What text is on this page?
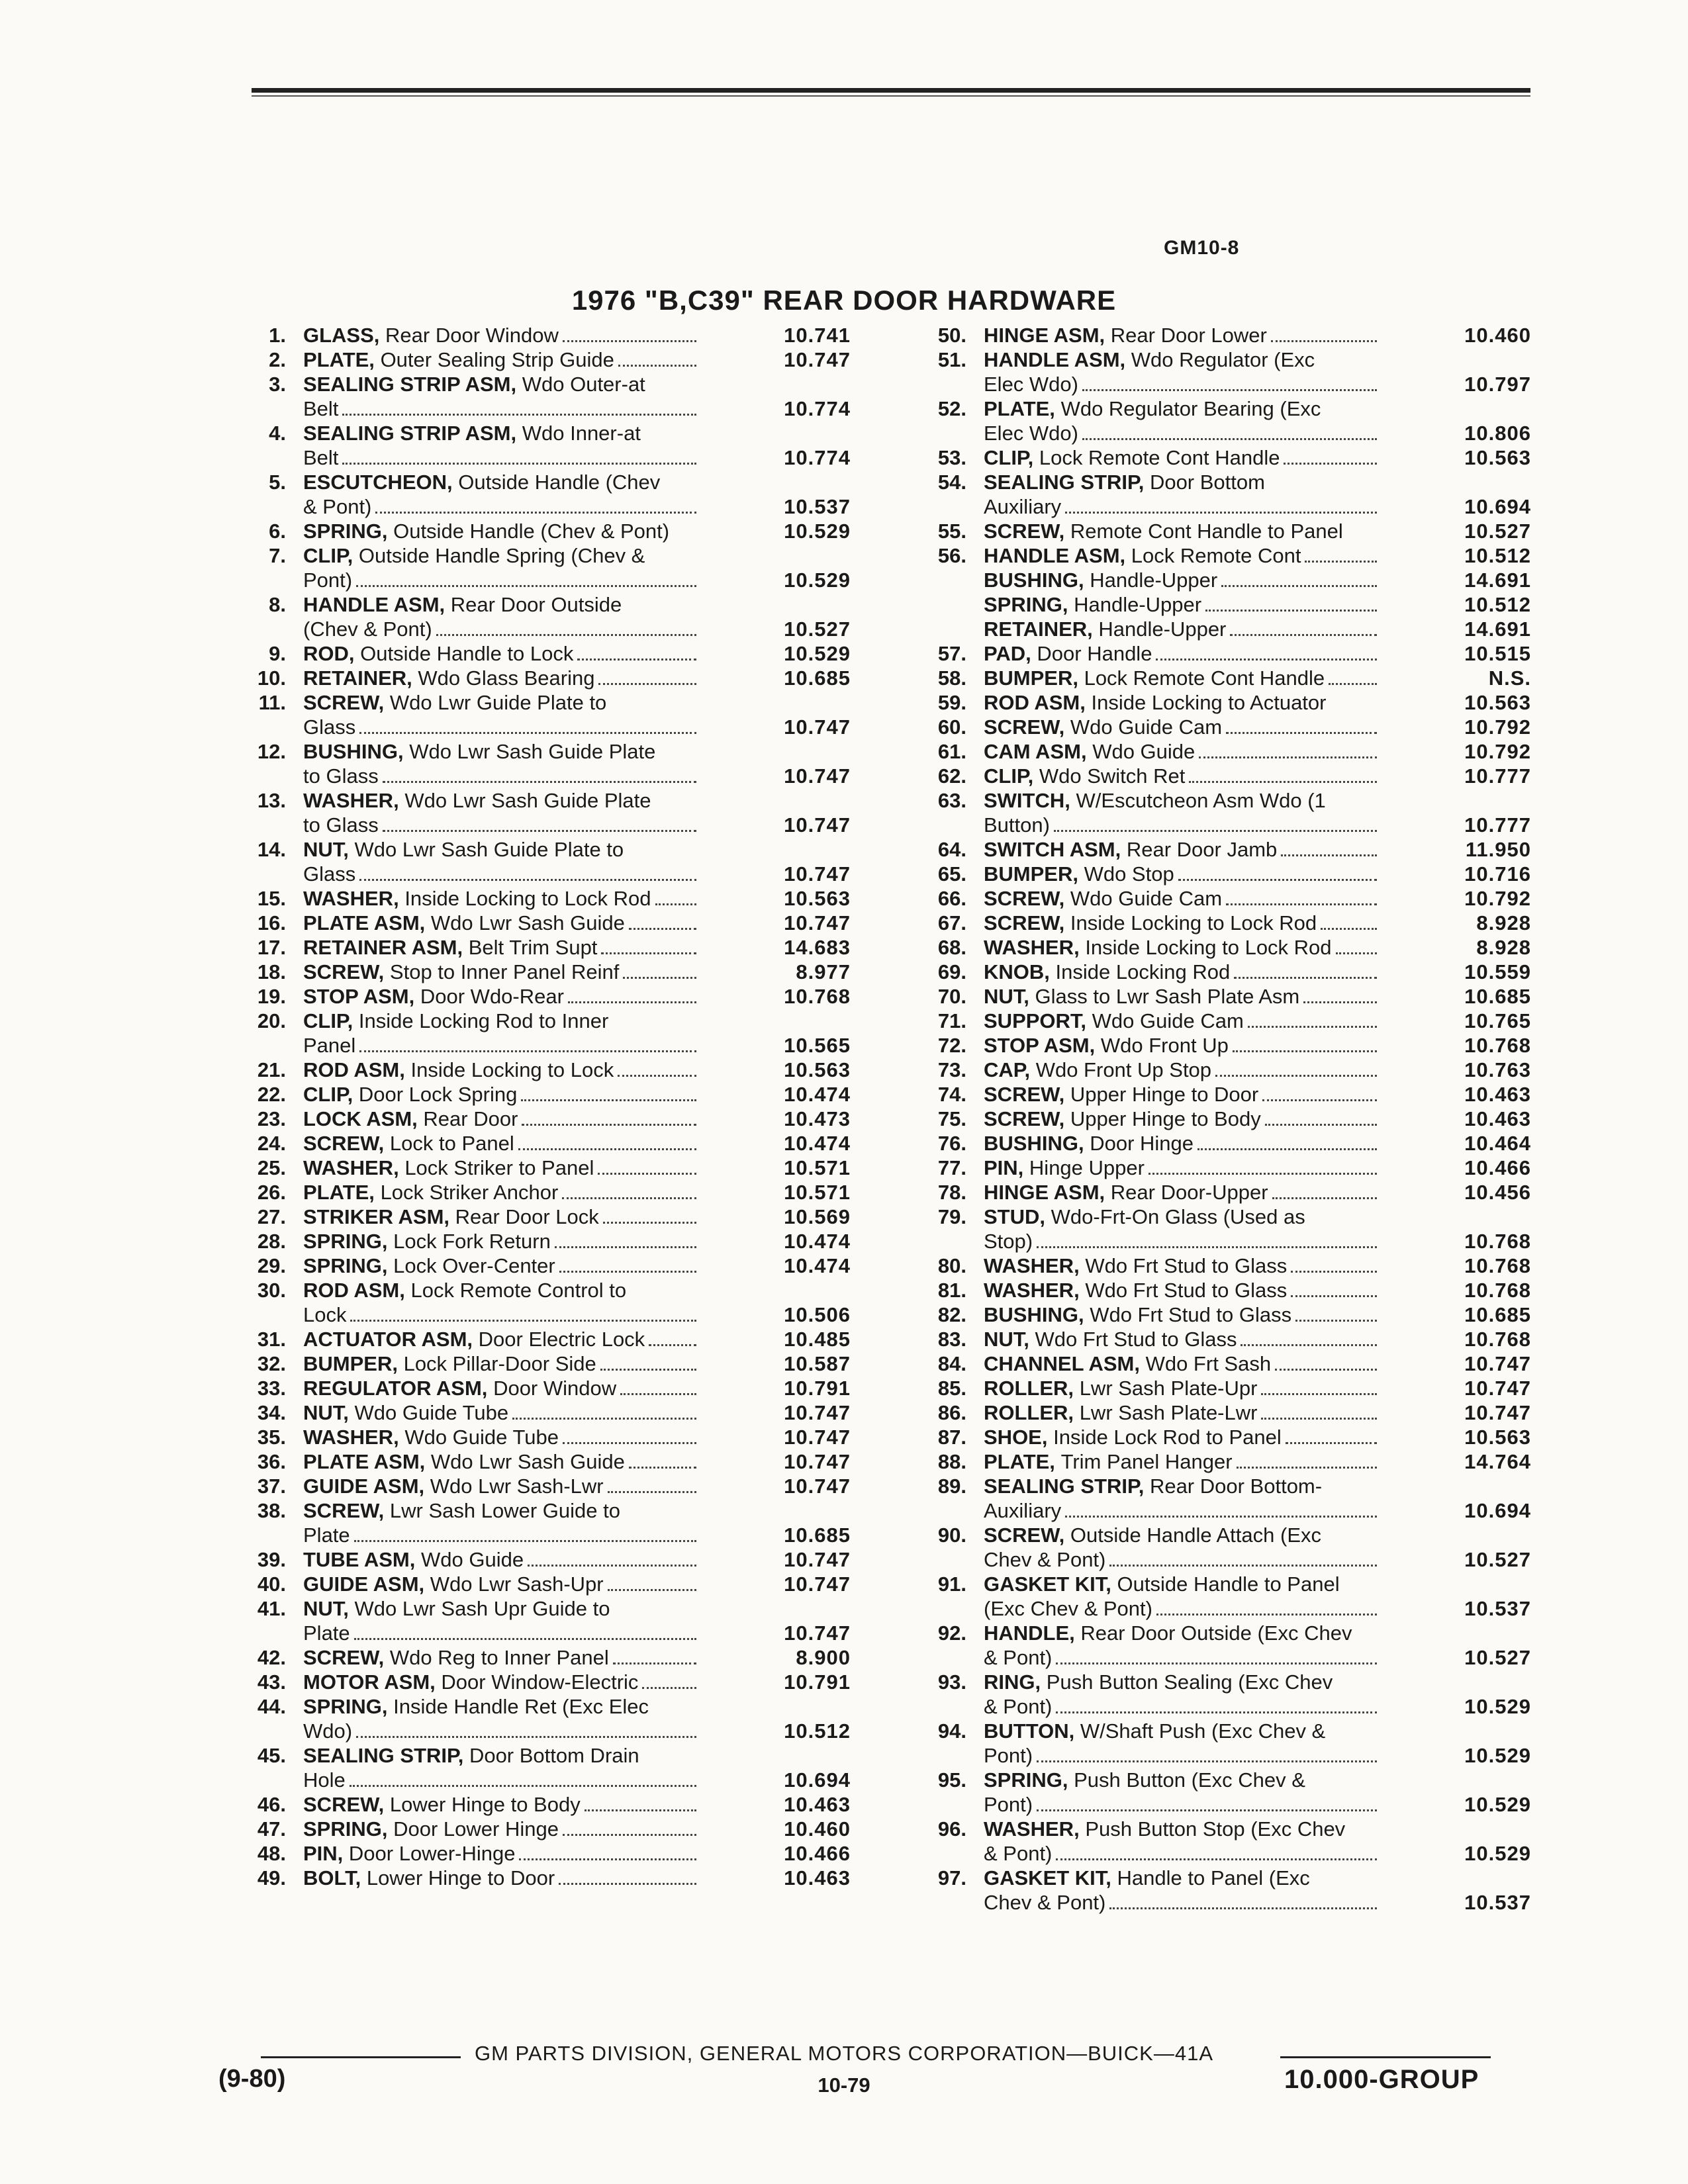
GM10-8
1976 "B,C39" REAR DOOR HARDWARE
1. GLASS,
Rear Door Window	10.741
2. PLATE,
Outer Sealing Strip Guide	10.747
3. SEALING STRIP ASM,
Wdo Outer-at
Belt	10.774
4. SEALING STRIP ASM,
Wdo Inner-at
Belt	10.774
5. ESCUTCHEON,
Outside Handle (Chev
& Pont)	10.537
6. SPRING,
Outside Handle (Chev & Pont)	10.529
7. CLIP,
Outside Handle Spring (Chev &
Pont)	10.529
8. HANDLE ASM,
Rear Door Outside
(Chev & Pont)	10.527
9. ROD,
Outside Handle to Lock	10.529
10. RETAINER,
Wdo Glass Bearing	10.685
11. SCREW,
Wdo Lwr Guide Plate to
Glass	10.747
12. BUSHING,
Wdo Lwr Sash Guide Plate
to Glass	10.747
13. WASHER,
Wdo Lwr Sash Guide Plate
to Glass	10.747
14. NUT,
Wdo Lwr Sash Guide Plate to
Glass	10.747
15. WASHER,
Inside Locking to Lock Rod	10.563
16. PLATE ASM,
Wdo Lwr Sash Guide	10.747
17. RETAINER ASM,
Belt Trim Supt	14.683
18. SCREW,
Stop to Inner Panel Reinf	8.977
19. STOP ASM,
Door Wdo-Rear	10.768
20. CLIP,
Inside Locking Rod to Inner
Panel	10.565
21. ROD ASM,
Inside Locking to Lock	10.563
22. CLIP,
Door Lock Spring	10.474
23. LOCK ASM,
Rear Door	10.473
24. SCREW,
Lock to Panel	10.474
25. WASHER,
Lock Striker to Panel	10.571
26. PLATE,
Lock Striker Anchor	10.571
27. STRIKER ASM,
Rear Door Lock	10.569
28. SPRING,
Lock Fork Return	10.474
29. SPRING,
Lock Over-Center	10.474
30. ROD ASM,
Lock Remote Control to
Lock	10.506
31. ACTUATOR ASM,
Door Electric Lock	10.485
32. BUMPER,
Lock Pillar-Door Side	10.587
33. REGULATOR ASM,
Door Window	10.791
34. NUT,
Wdo Guide Tube	10.747
35. WASHER,
Wdo Guide Tube	10.747
36. PLATE ASM,
Wdo Lwr Sash Guide	10.747
37. GUIDE ASM,
Wdo Lwr Sash-Lwr	10.747
38. SCREW,
Lwr Sash Lower Guide to
Plate	10.685
39. TUBE ASM,
Wdo Guide	10.747
40. GUIDE ASM,
Wdo Lwr Sash-Upr	10.747
41. NUT,
Wdo Lwr Sash Upr Guide to
Plate	10.747
42. SCREW,
Wdo Reg to Inner Panel	8.900
43. MOTOR ASM,
Door Window-Electric	10.791
44. SPRING,
Inside Handle Ret (Exc Elec
Wdo)	10.512
45. SEALING STRIP,
Door Bottom Drain
Hole	10.694
46. SCREW,
Lower Hinge to Body	10.463
47. SPRING,
Door Lower Hinge	10.460
48. PIN,
Door Lower-Hinge	10.466
49. BOLT,
Lower Hinge to Door	10.463
50. HINGE ASM,
Rear Door Lower	10.460
51. HANDLE ASM,
Wdo Regulator (Exc
Elec Wdo)	10.797
52. PLATE,
Wdo Regulator Bearing (Exc
Elec Wdo)	10.806
53. CLIP,
Lock Remote Cont Handle	10.563
54. SEALING STRIP,
Door Bottom
Auxiliary	10.694
55. SCREW,
Remote Cont Handle to Panel	10.527
56. HANDLE ASM,
Lock Remote Cont	10.512
BUSHING,
Handle-Upper	14.691
SPRING,
Handle-Upper	10.512
RETAINER,
Handle-Upper	14.691
57. PAD,
Door Handle	10.515
58. BUMPER,
Lock Remote Cont Handle	N.S.
59. ROD ASM,
Inside Locking to Actuator	10.563
60. SCREW,
Wdo Guide Cam	10.792
61. CAM ASM,
Wdo Guide	10.792
62. CLIP,
Wdo Switch Ret	10.777
63. SWITCH,
W/Escutcheon Asm Wdo (1
Button)	10.777
64. SWITCH ASM,
Rear Door Jamb	11.950
65. BUMPER,
Wdo Stop	10.716
66. SCREW,
Wdo Guide Cam	10.792
67. SCREW,
Inside Locking to Lock Rod	8.928
68. WASHER,
Inside Locking to Lock Rod	8.928
69. KNOB,
Inside Locking Rod	10.559
70. NUT,
Glass to Lwr Sash Plate Asm	10.685
71. SUPPORT,
Wdo Guide Cam	10.765
72. STOP ASM,
Wdo Front Up	10.768
73. CAP,
Wdo Front Up Stop	10.763
74. SCREW,
Upper Hinge to Door	10.463
75. SCREW,
Upper Hinge to Body	10.463
76. BUSHING,
Door Hinge	10.464
77. PIN,
Hinge Upper	10.466
78. HINGE ASM,
Rear Door-Upper	10.456
79. STUD,
Wdo-Frt-On Glass (Used as
Stop)	10.768
80. WASHER,
Wdo Frt Stud to Glass	10.768
81. WASHER,
Wdo Frt Stud to Glass	10.768
82. BUSHING,
Wdo Frt Stud to Glass	10.685
83. NUT,
Wdo Frt Stud to Glass	10.768
84. CHANNEL ASM,
Wdo Frt Sash	10.747
85. ROLLER,
Lwr Sash Plate-Upr	10.747
86. ROLLER,
Lwr Sash Plate-Lwr	10.747
87. SHOE,
Inside Lock Rod to Panel	10.563
88. PLATE,
Trim Panel Hanger	14.764
89. SEALING STRIP,
Rear Door Bottom-
Auxiliary	10.694
90. SCREW,
Outside Handle Attach (Exc
Chev & Pont)	10.527
91. GASKET KIT,
Outside Handle to Panel
(Exc Chev & Pont)	10.537
92. HANDLE,
Rear Door Outside (Exc Chev
& Pont)	10.527
93. RING,
Push Button Sealing (Exc Chev
& Pont)	10.529
94. BUTTON,
W/Shaft Push (Exc Chev &
Pont)	10.529
95. SPRING,
Push Button (Exc Chev &
Pont)	10.529
96. WASHER,
Push Button Stop (Exc Chev
& Pont)	10.529
97. GASKET KIT,
Handle to Panel (Exc
Chev & Pont)	10.537
GM PARTS DIVISION, GENERAL MOTORS CORPORATION—BUICK—41A
(9-80)	10-79	10.000-GROUP
